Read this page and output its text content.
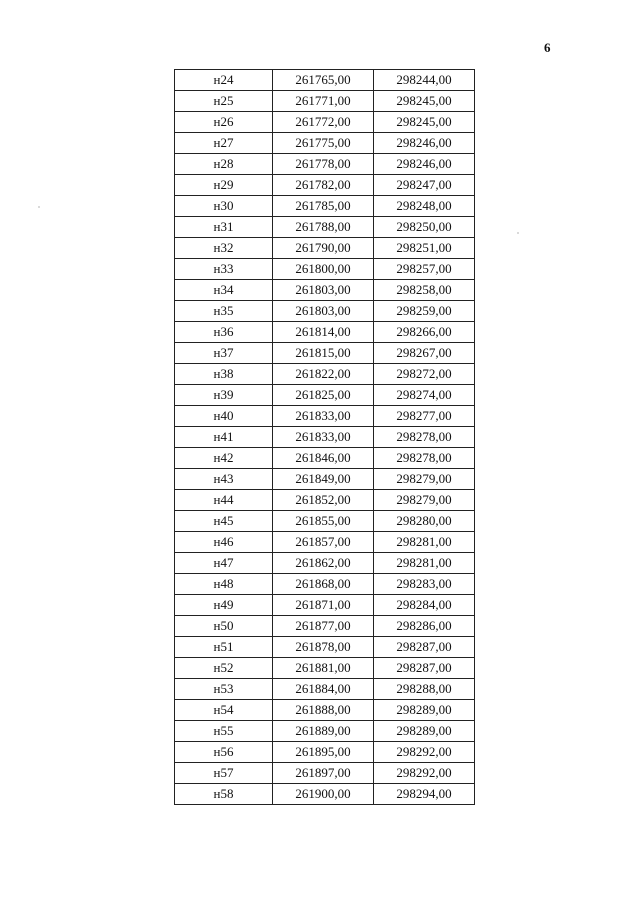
6
н24	261765,00	298244,00
н25	261771,00	298245,00
н26	261772,00	298245,00
н27	261775,00	298246,00
н28	261778,00	298246,00
н29	261782,00	298247,00
н30	261785,00	298248,00
н31	261788,00	298250,00
н32	261790,00	298251,00
н33	261800,00	298257,00
н34	261803,00	298258,00
н35	261803,00	298259,00
н36	261814,00	298266,00
н37	261815,00	298267,00
н38	261822,00	298272,00
н39	261825,00	298274,00
н40	261833,00	298277,00
н41	261833,00	298278,00
н42	261846,00	298278,00
н43	261849,00	298279,00
н44	261852,00	298279,00
н45	261855,00	298280,00
н46	261857,00	298281,00
н47	261862,00	298281,00
н48	261868,00	298283,00
н49	261871,00	298284,00
н50	261877,00	298286,00
н51	261878,00	298287,00
н52	261881,00	298287,00
н53	261884,00	298288,00
н54	261888,00	298289,00
н55	261889,00	298289,00
н56	261895,00	298292,00
н57	261897,00	298292,00
н58	261900,00	298294,00
